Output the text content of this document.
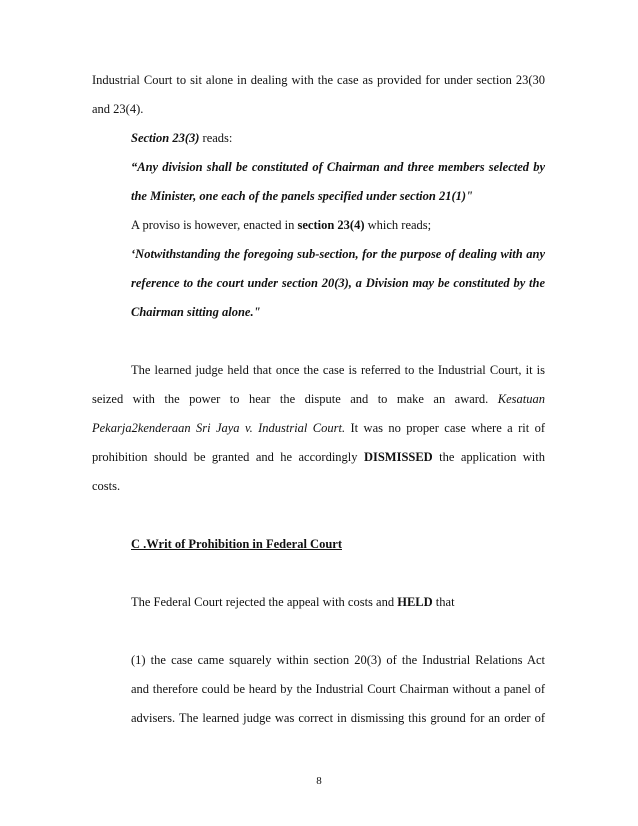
Industrial Court to sit alone in dealing with the case as provided for under section 23(30
and 23(4).
Section 23(3) reads:
“Any division shall be constituted of Chairman and three members selected by
the Minister, one each of the panels specified under section 21(1)"
A proviso is however, enacted in section 23(4) which reads;
‘Notwithstanding the foregoing sub-section, for the purpose of dealing with any
reference to the court under section 20(3), a Division may be constituted by the
Chairman sitting alone."
The learned judge held that once the case is referred to the Industrial Court, it is
seized with the power to hear the dispute and to make an award. Kesatuan
Pekarja2kenderaan Sri Jaya v. Industrial Court. It was no proper case where a rit of
prohibition should be granted and he accordingly DISMISSED the application with
costs.
C .Writ of Prohibition in Federal Court
The Federal Court rejected the appeal with costs and HELD that
(1) the case came squarely within section 20(3) of the Industrial Relations Act
and therefore could be heard by the Industrial Court Chairman without a panel of
advisers. The learned judge was correct in dismissing this ground for an order of
8
